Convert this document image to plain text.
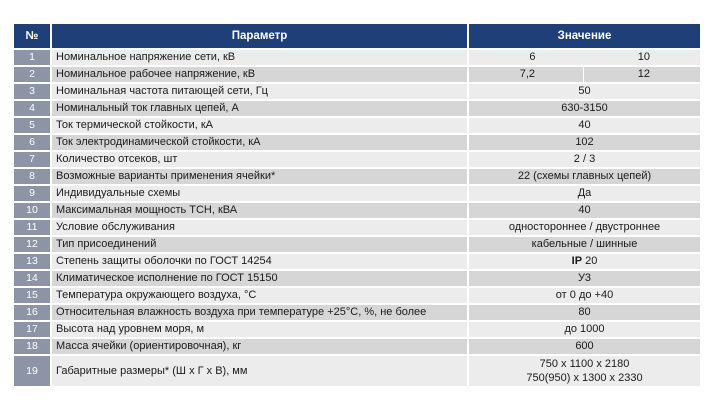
№	Параметр	Значение
1	Номинальное напряжение сети, кВ	6 10

2	Номинальное рабочее напряжение, кВ	7,2 12

3	Номинальная частота питающей сети, Гц	50
4	Номинальный ток главных цепей, А	630-3150
5	Ток термической стойкости, кА	40
6	Ток электродинамической стойкости, кА	102
7	Количество отсеков, шт	2 / 3
8	Возможные варианты применения ячейки*	22 (схемы главных цепей)
9	Индивидуальные схемы	Да
10	Максимальная мощность ТСН, кВА	40
11	Условие обслуживания	одностороннее / двустроннее
12	Тип присоединений	кабельные / шинные
13	Степень защиты оболочки по ГОСТ 14254	IP 20
14	Климатическое исполнение по ГОСТ 15150	У3
15	Температура окружающего воздуха, °С	от 0 до +40
16	Относительная влажность воздуха при температуре +25°С, %, не более	80
17	Высота над уровнем моря, м	до 1000
18	Масса ячейки (ориентировочная), кг	600
19	Габаритные размеры* (Ш х Г х В), мм	750 х 1100 х 2180
750(950) х 1300 х 2330
